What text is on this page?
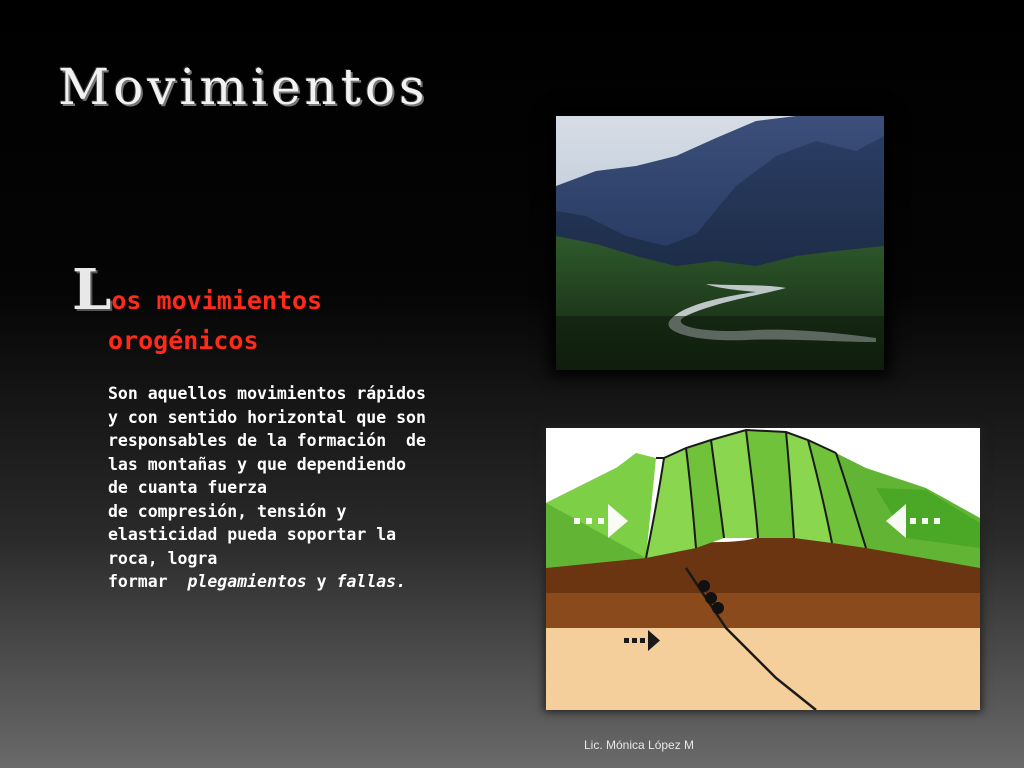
Movimientos
L os movimientos
orogénicos
Son aquellos movimientos rápidos
y con sentido horizontal que son
responsables de la formación  de
las montañas y que dependiendo
de cuanta fuerza
de compresión, tensión y
elasticidad pueda soportar la
roca, logra
formar  plegamientos y fallas.
Lic. Mónica López M
